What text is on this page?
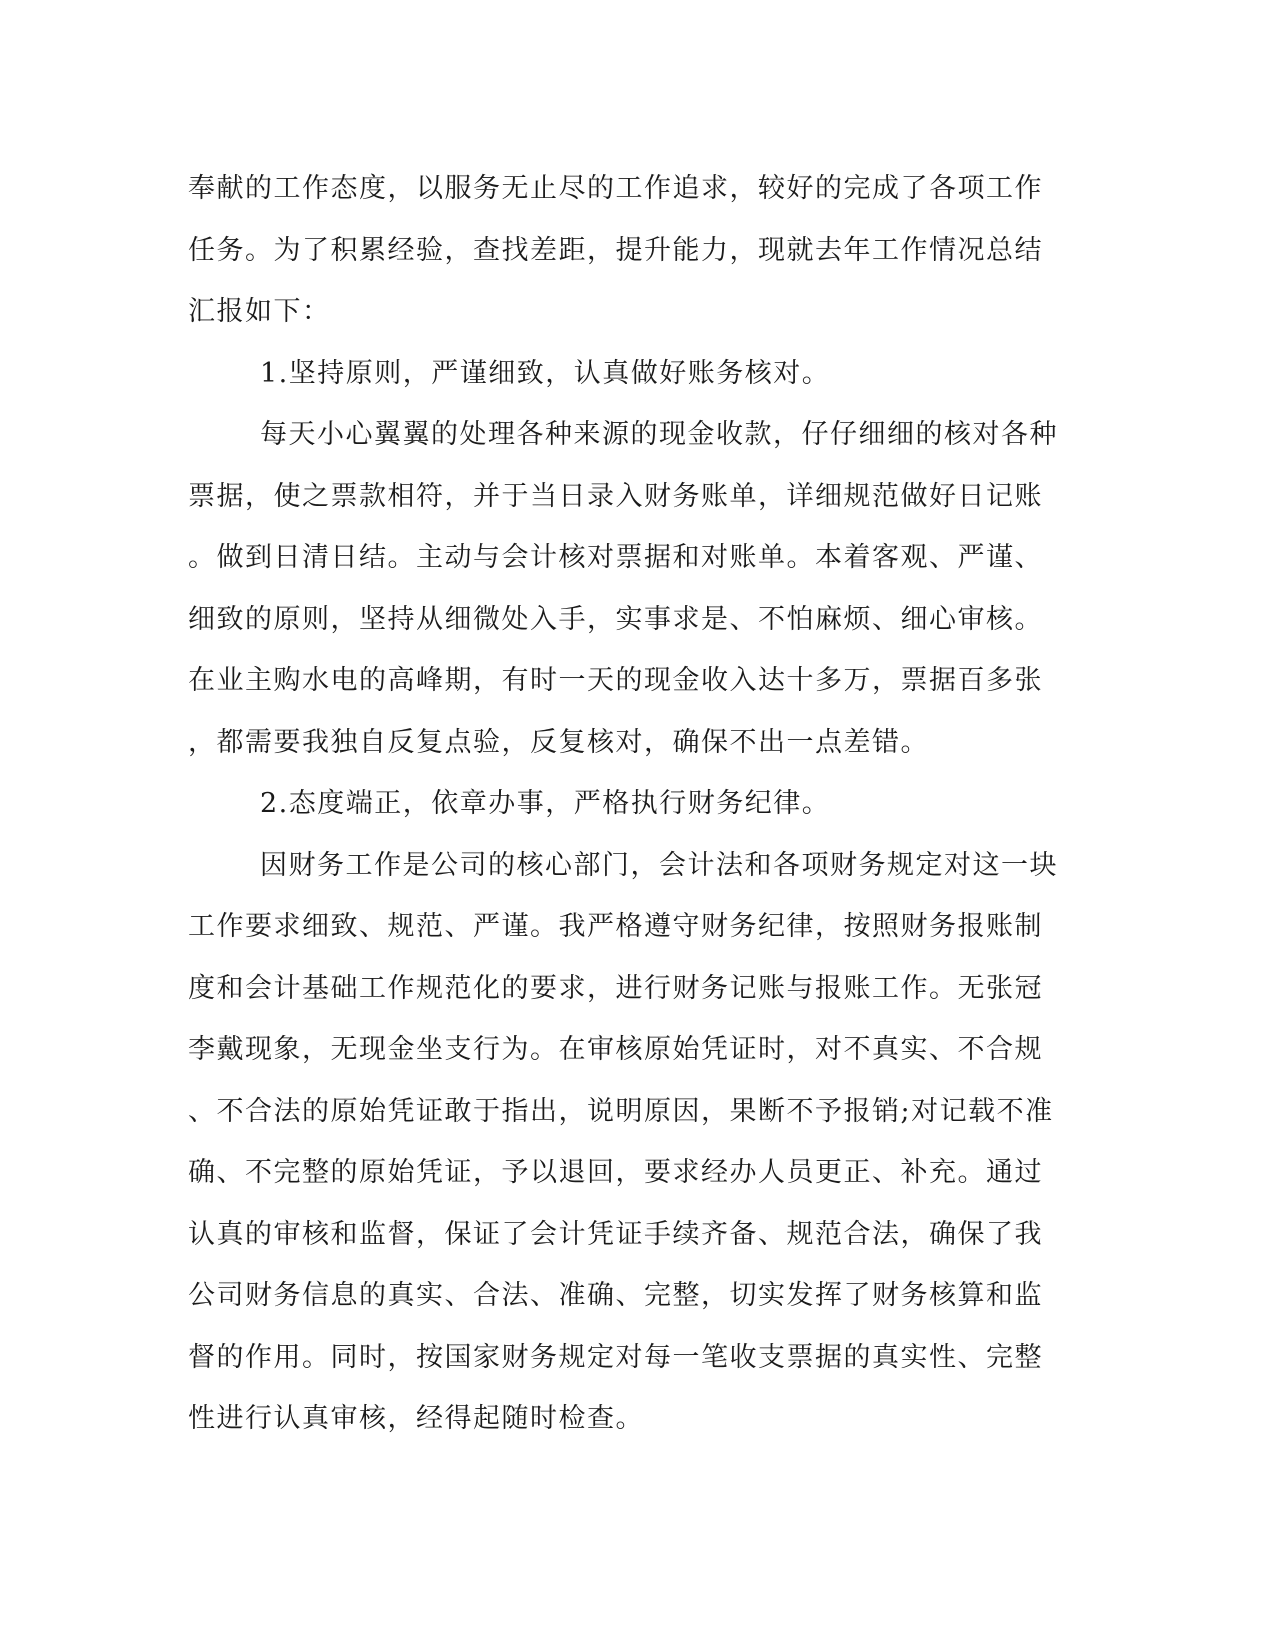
奉献的工作态度，以服务无止尽的工作追求，较好的完成了各项工作
任务。为了积累经验，查找差距，提升能力，现就去年工作情况总结
汇报如下：
1.坚持原则，严谨细致，认真做好账务核对。
每天小心翼翼的处理各种来源的现金收款，仔仔细细的核对各种
票据，使之票款相符，并于当日录入财务账单，详细规范做好日记账
。做到日清日结。主动与会计核对票据和对账单。本着客观、严谨、
细致的原则，坚持从细微处入手，实事求是、不怕麻烦、细心审核。
在业主购水电的高峰期，有时一天的现金收入达十多万，票据百多张
，都需要我独自反复点验，反复核对，确保不出一点差错。
2.态度端正，依章办事，严格执行财务纪律。
因财务工作是公司的核心部门，会计法和各项财务规定对这一块
工作要求细致、规范、严谨。我严格遵守财务纪律，按照财务报账制
度和会计基础工作规范化的要求，进行财务记账与报账工作。无张冠
李戴现象，无现金坐支行为。在审核原始凭证时，对不真实、不合规
、不合法的原始凭证敢于指出，说明原因，果断不予报销;对记载不准
确、不完整的原始凭证，予以退回，要求经办人员更正、补充。通过
认真的审核和监督，保证了会计凭证手续齐备、规范合法，确保了我
公司财务信息的真实、合法、准确、完整，切实发挥了财务核算和监
督的作用。同时，按国家财务规定对每一笔收支票据的真实性、完整
性进行认真审核，经得起随时检查。
